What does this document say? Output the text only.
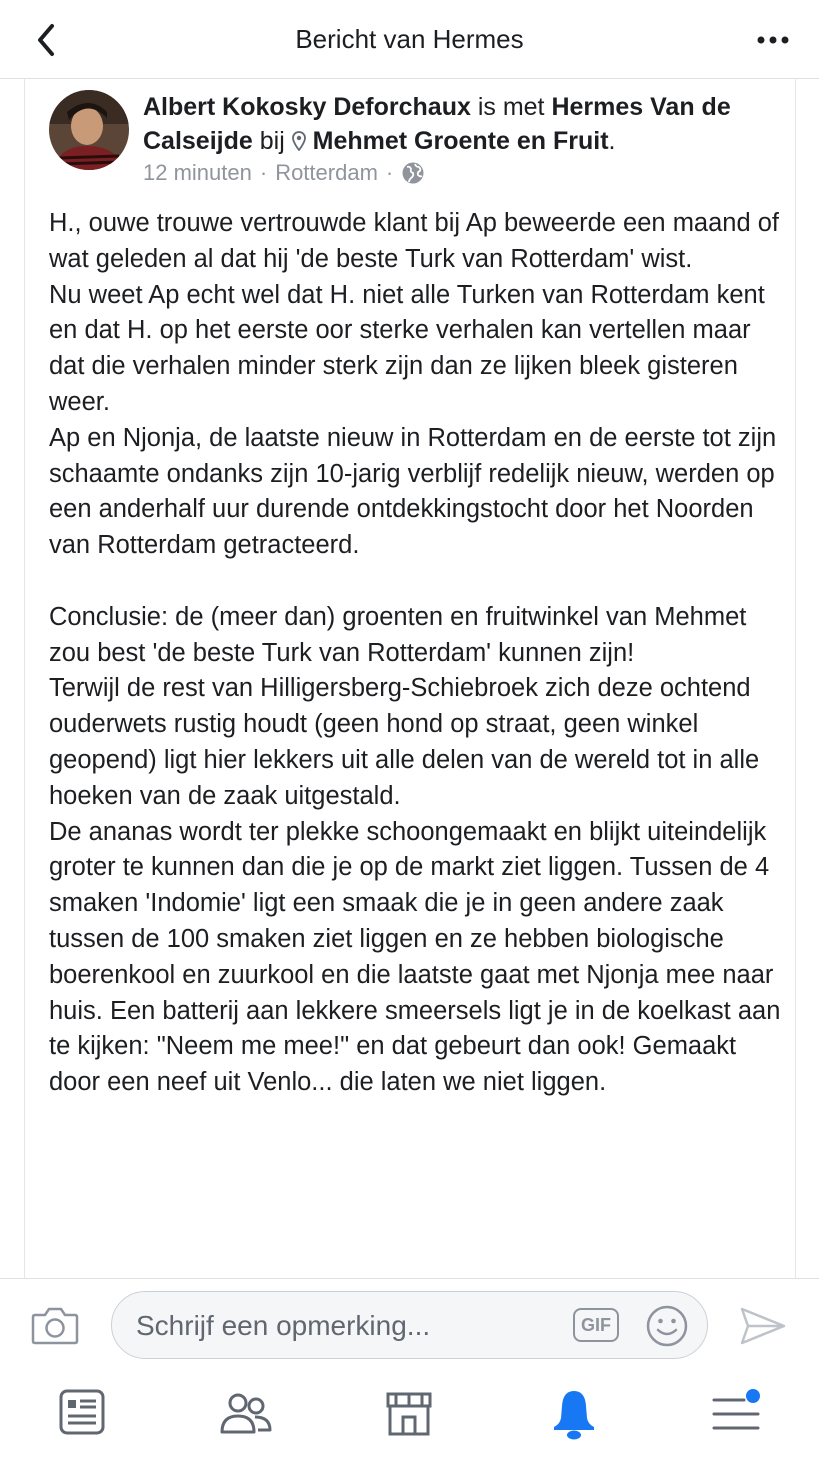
Bericht van Hermes
Albert Kokosky Deforchaux is met Hermes Van de Calseijde bij Mehmet Groente en Fruit.
12 minuten · Rotterdam ·

H., ouwe trouwe vertrouwde klant bij Ap beweerde een maand of wat geleden al dat hij 'de beste Turk van Rotterdam' wist.

Nu weet Ap echt wel dat H. niet alle Turken van Rotterdam kent en dat H. op het eerste oor sterke verhalen kan vertellen maar dat die verhalen minder sterk zijn dan ze lijken bleek gisteren weer.

Ap en Njonja, de laatste nieuw in Rotterdam en de eerste tot zijn schaamte ondanks zijn 10-jarig verblijf redelijk nieuw, werden op een anderhalf uur durende ontdekkingstocht door het Noorden van Rotterdam getracteerd.

Conclusie: de (meer dan) groenten en fruitwinkel van Mehmet zou best 'de beste Turk van Rotterdam' kunnen zijn!

Terwijl de rest van Hilligersberg-Schiebroek zich deze ochtend ouderwets rustig houdt (geen hond op straat, geen winkel geopend) ligt hier lekkers uit alle delen van de wereld tot in alle hoeken van de zaak uitgestald.

De ananas wordt ter plekke schoongemaakt en blijkt uiteindelijk groter te kunnen dan die je op de markt ziet liggen. Tussen de 4 smaken 'Indomie' ligt een smaak die je in geen andere zaak tussen de 100 smaken ziet liggen en ze hebben biologische boerenkool en zuurkool en die laatste gaat met Njonja mee naar huis. Een batterij aan lekkere smeersels ligt je in de koelkast aan te kijken: "Neem me mee!" en dat gebeurt dan ook! Gemaakt door een neef uit Venlo... die laten we niet liggen.

Schrijf een opmerking...
GIF
